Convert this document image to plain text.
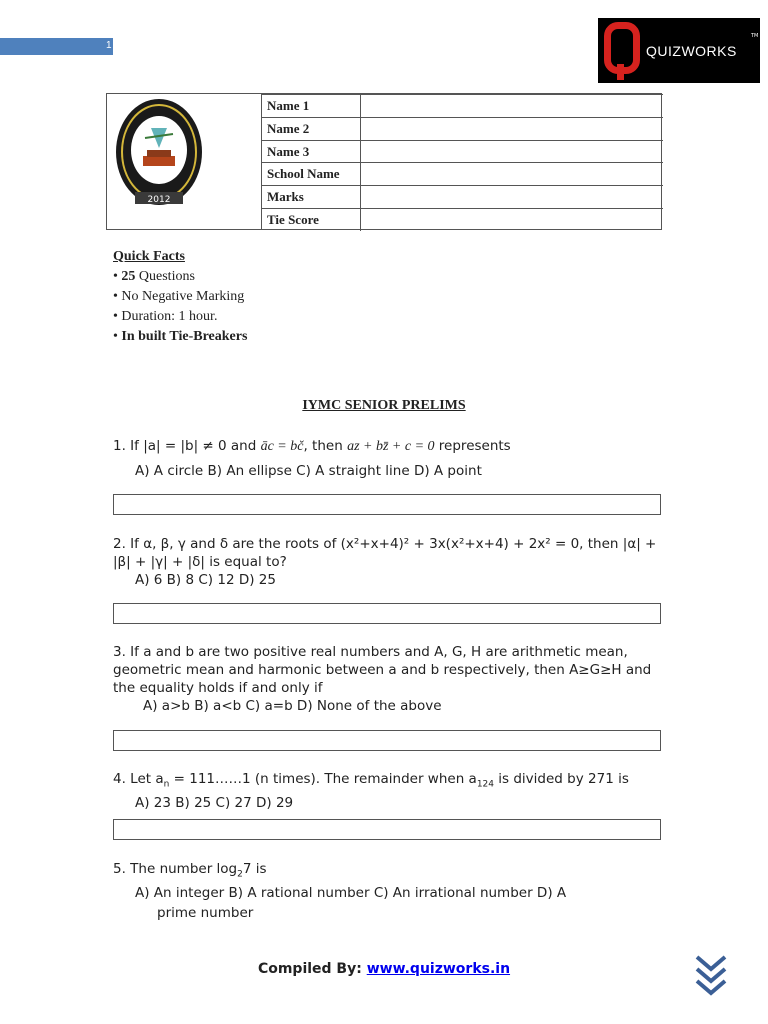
1	QUIZWORKS
TM
2012
Name 1
Name 2
Name 3
School Name
Marks
Tie Score
Quick Facts
• 25 Questions
• No Negative Marking
• Duration: 1 hour.
• In built Tie-Breakers
IYMC SENIOR PRELIMS
1. If |a| = |b| ≠ 0 and āc = bč, then az + bz̄ + c = 0 represents
A) A circle B) An ellipse C) A straight line D) A point
2. If α, β, γ and δ are the roots of (x²+x+4)² + 3x(x²+x+4) + 2x² = 0, then |α| + |β| + |γ| + |δ| is equal to?
A) 6 B) 8 C) 12 D) 25
3. If a and b are two positive real numbers and A, G, H are arithmetic mean, geometric mean and harmonic between a and b respectively, then A≥G≥H and the equality holds if and only if
A) a>b B) a<b C) a=b D) None of the above
4. Let $a_n$ = 111……1 (n times). The remainder when $a_{124}$ is divided by 271 is
A) 23 B) 25 C) 27 D) 29
5. The number $\log_27$ is
A) An integer B) A rational number C) An irrational number D) A
prime number
Compiled By: www.quizworks.in
